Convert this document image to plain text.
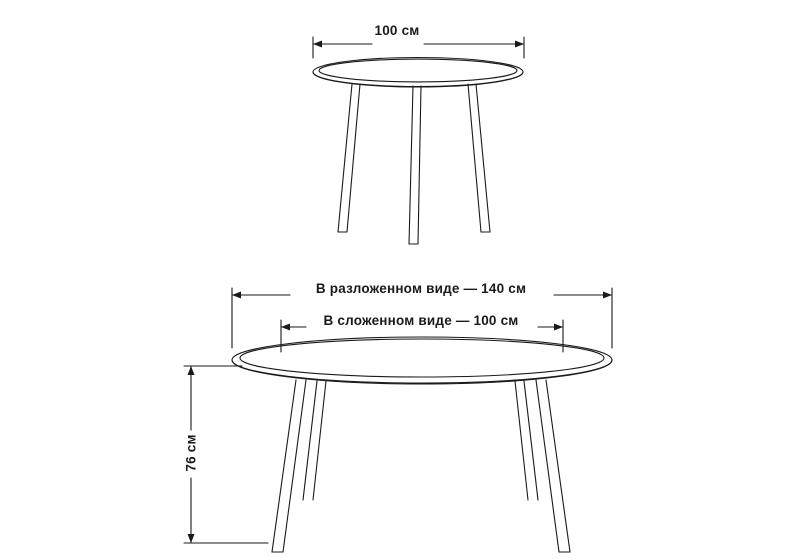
100 см
В разложенном виде — 140 см
В сложенном виде — 100 см
76 см
